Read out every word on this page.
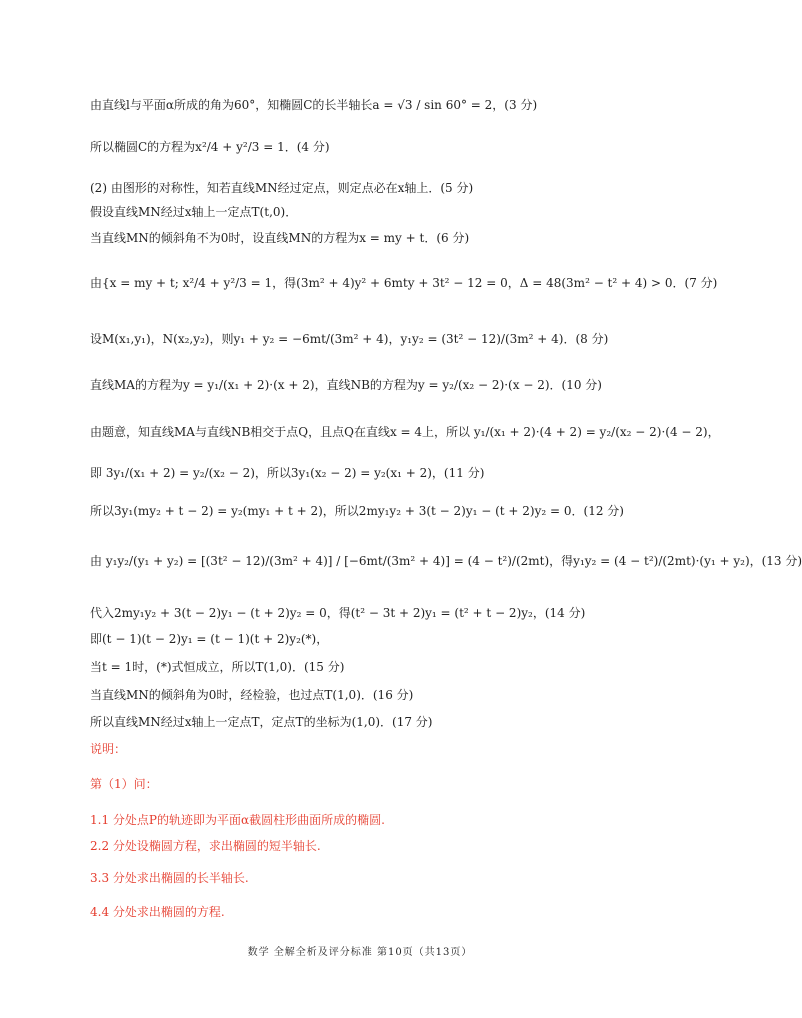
由直线l与平面α所成的角为60°，知椭圆C的长半轴长a = √3 / sin 60° = 2，(3 分)
所以椭圆C的方程为x²/4 + y²/3 = 1．(4 分)
(2) 由图形的对称性，知若直线MN经过定点，则定点必在x轴上．(5 分)
假设直线MN经过x轴上一定点T(t,0)．
当直线MN的倾斜角不为0时，设直线MN的方程为x = my + t．(6 分)
由{x = my + t; x²/4 + y²/3 = 1，得(3m² + 4)y² + 6mty + 3t² − 12 = 0，Δ = 48(3m² − t² + 4) > 0．(7 分)
设M(x₁,y₁)，N(x₂,y₂)，则y₁ + y₂ = −6mt/(3m² + 4)，y₁y₂ = (3t² − 12)/(3m² + 4)．(8 分)
直线MA的方程为y = y₁/(x₁ + 2)·(x + 2)，直线NB的方程为y = y₂/(x₂ − 2)·(x − 2)．(10 分)
由题意，知直线MA与直线NB相交于点Q，且点Q在直线x = 4上，所以 y₁/(x₁ + 2)·(4 + 2) = y₂/(x₂ − 2)·(4 − 2)，
即 3y₁/(x₁ + 2) = y₂/(x₂ − 2)，所以3y₁(x₂ − 2) = y₂(x₁ + 2)，(11 分)
所以3y₁(my₂ + t − 2) = y₂(my₁ + t + 2)，所以2my₁y₂ + 3(t − 2)y₁ − (t + 2)y₂ = 0．(12 分)
由 y₁y₂/(y₁ + y₂) = [(3t² − 12)/(3m² + 4)] / [−6mt/(3m² + 4)] = (4 − t²)/(2mt)，得y₁y₂ = (4 − t²)/(2mt)·(y₁ + y₂)，(13 分)
代入2my₁y₂ + 3(t − 2)y₁ − (t + 2)y₂ = 0，得(t² − 3t + 2)y₁ = (t² + t − 2)y₂，(14 分)
即(t − 1)(t − 2)y₁ = (t − 1)(t + 2)y₂(*)，
当t = 1时，(*)式恒成立，所以T(1,0)．(15 分)
当直线MN的倾斜角为0时，经检验，也过点T(1,0)．(16 分)
所以直线MN经过x轴上一定点T，定点T的坐标为(1,0)．(17 分)
说明：
第（1）问：
1.1 分处点P的轨迹即为平面α截圆柱形曲面所成的椭圆.
2.2 分处设椭圆方程，求出椭圆的短半轴长.
3.3 分处求出椭圆的长半轴长.
4.4 分处求出椭圆的方程.
数学 全解全析及评分标准 第10页（共13页）
